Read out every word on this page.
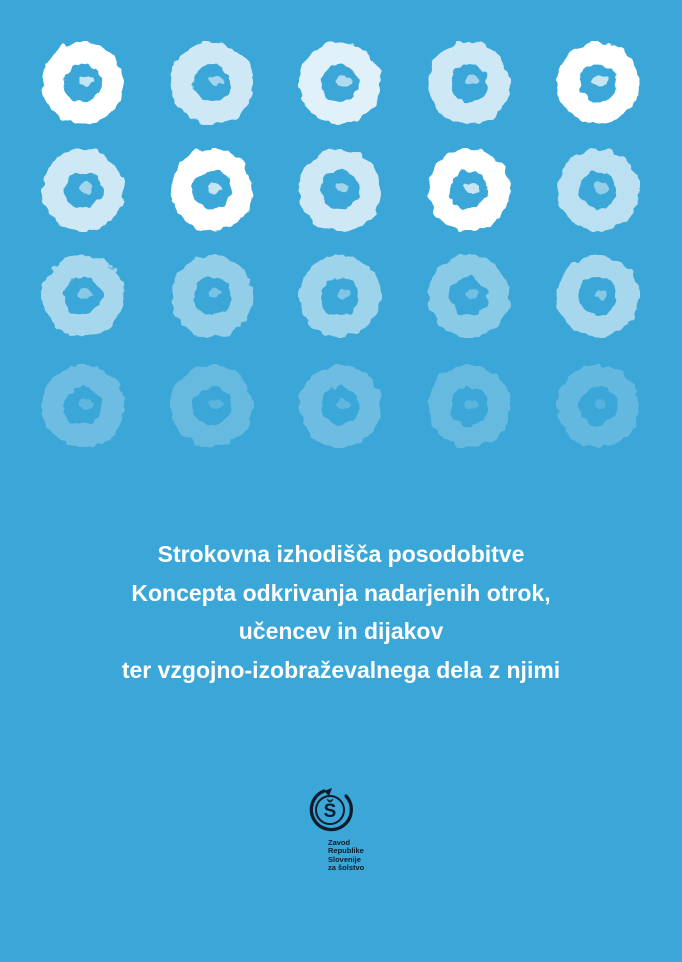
Strokovna izhodišča posodobitve
Koncepta odkrivanja nadarjenih otrok,
učencev in dijakov
ter vzgojno-izobraževalnega dela z njimi
Š
Zavod
Republike
Slovenije
za šolstvo
